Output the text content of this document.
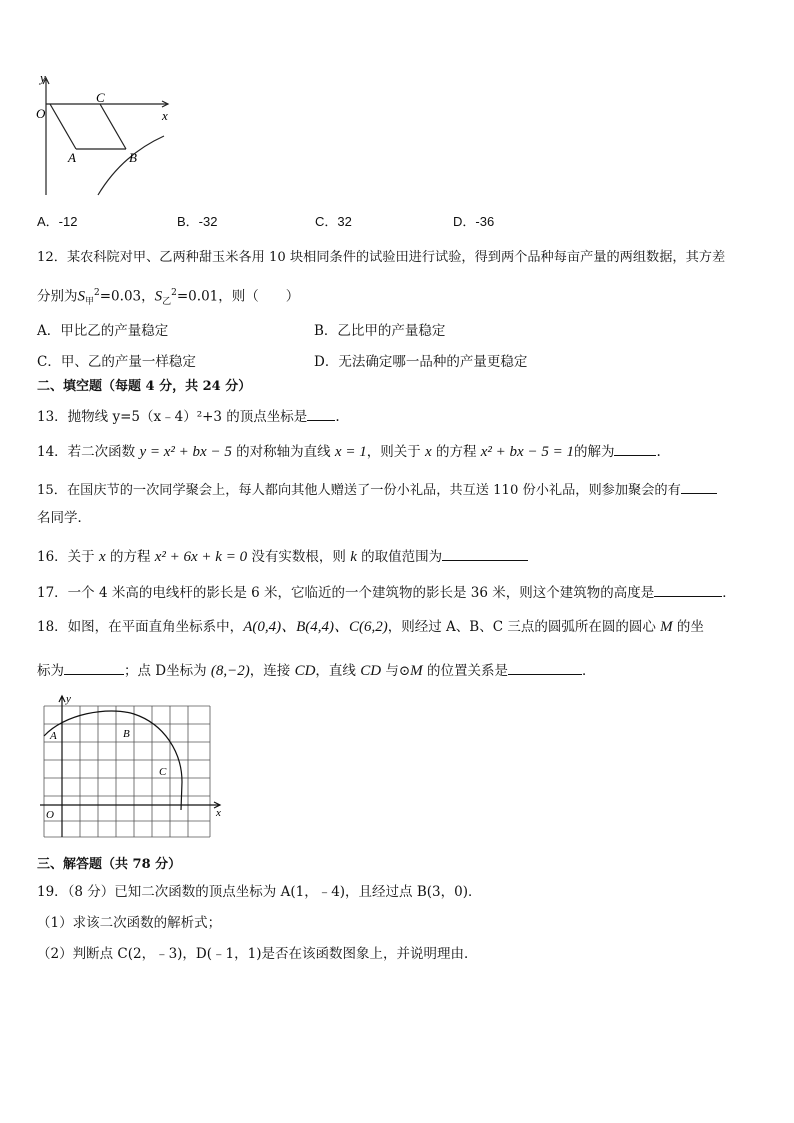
y
x
O
A	B
C
A．-12	B．-32	C．32	D．-36
12．某农科院对甲、乙两种甜玉米各用 10 块相同条件的试验田进行试验，得到两个品种每亩产量的两组数据，其方差
分别为$S_甲^2=0.03$，$S_乙^2=0.01$，则（　　）
A．甲比乙的产量稳定	B．乙比甲的产量稳定
C．甲、乙的产量一样稳定	D．无法确定哪一品种的产量更稳定
二、填空题（每题 4 分，共 24 分）
13．抛物线 y=5（x﹣4）²+3 的顶点坐标是 .
14．若二次函数 y = x² + bx − 5 的对称轴为直线 x = 1，则关于 x 的方程 x² + bx − 5 = 1的解为	.
15．在国庆节的一次同学聚会上，每人都向其他人赠送了一份小礼品，共互送 110 份小礼品，则参加聚会的有
名同学．
16．关于 x 的方程 x² + 6x + k = 0 没有实数根，则 k 的取值范围为
17．一个 4 米高的电线杆的影长是 6 米，它临近的一个建筑物的影长是 36 米，则这个建筑物的高度是	．
18．如图，在平面直角坐标系中，A(0,4)、B(4,4)、C(6,2)，则经过 A、B、C 三点的圆弧所在圆的圆心 M 的坐
标为	；点 D坐标为 (8,−2)，连接 CD，直线 CD 与⊙M 的位置关系是	．
y
x
O
A	B
C
三、解答题（共 78 分）
19．（8 分）已知二次函数的顶点坐标为 A(1，﹣4)，且经过点 B(3，0)．
（1）求该二次函数的解析式；
（2）判断点 C(2，﹣3)，D(﹣1，1)是否在该函数图象上，并说明理由．
